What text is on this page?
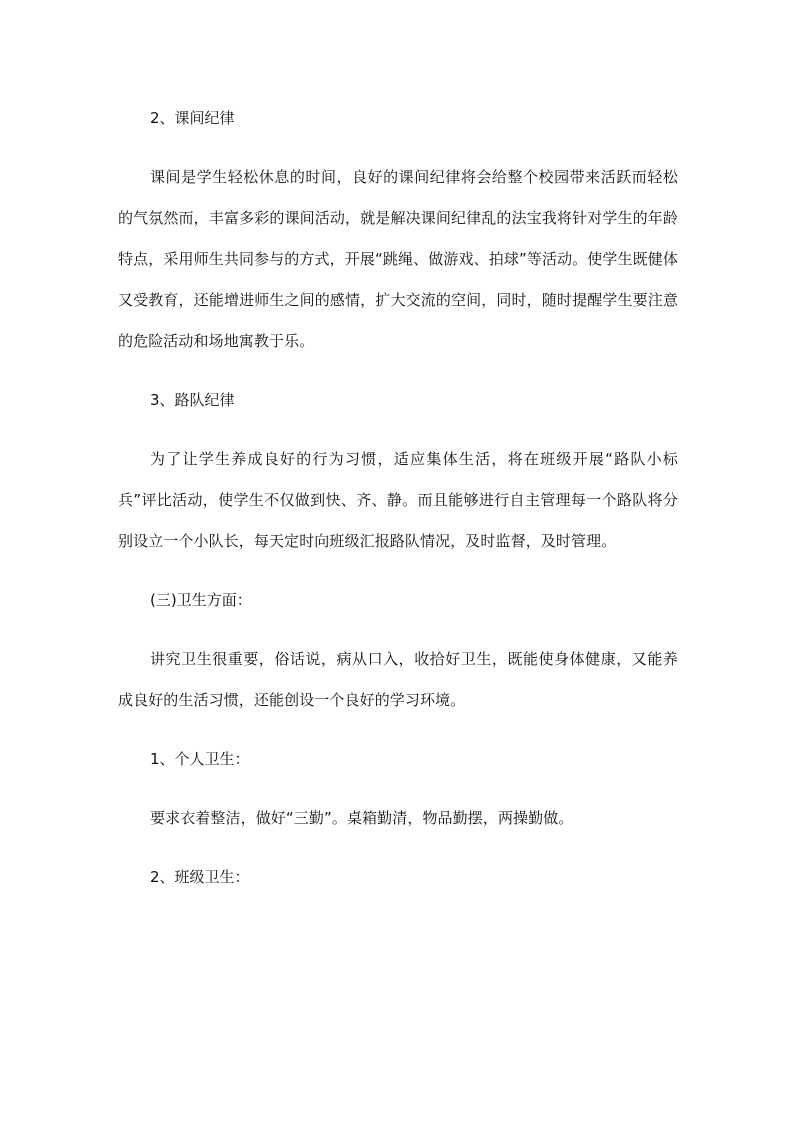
2、课间纪律

课间是学生轻松休息的时间，良好的课间纪律将会给整个校园带来活跃而轻松的气氛然而，丰富多彩的课间活动，就是解决课间纪律乱的法宝我将针对学生的年龄特点，采用师生共同参与的方式，开展“跳绳、做游戏、拍球”等活动。使学生既健体又受教育，还能增进师生之间的感情，扩大交流的空间，同时，随时提醒学生要注意的危险活动和场地寓教于乐。

3、路队纪律

为了让学生养成良好的行为习惯，适应集体生活，将在班级开展“路队小标兵”评比活动，使学生不仅做到快、齐、静。而且能够进行自主管理每一个路队将分别设立一个小队长，每天定时向班级汇报路队情况，及时监督，及时管理。

(三)卫生方面：

讲究卫生很重要，俗话说，病从口入，收拾好卫生，既能使身体健康，又能养成良好的生活习惯，还能创设一个良好的学习环境。

1、个人卫生：

要求衣着整洁，做好“三勤”。桌箱勤清，物品勤摆，两操勤做。

2、班级卫生：
